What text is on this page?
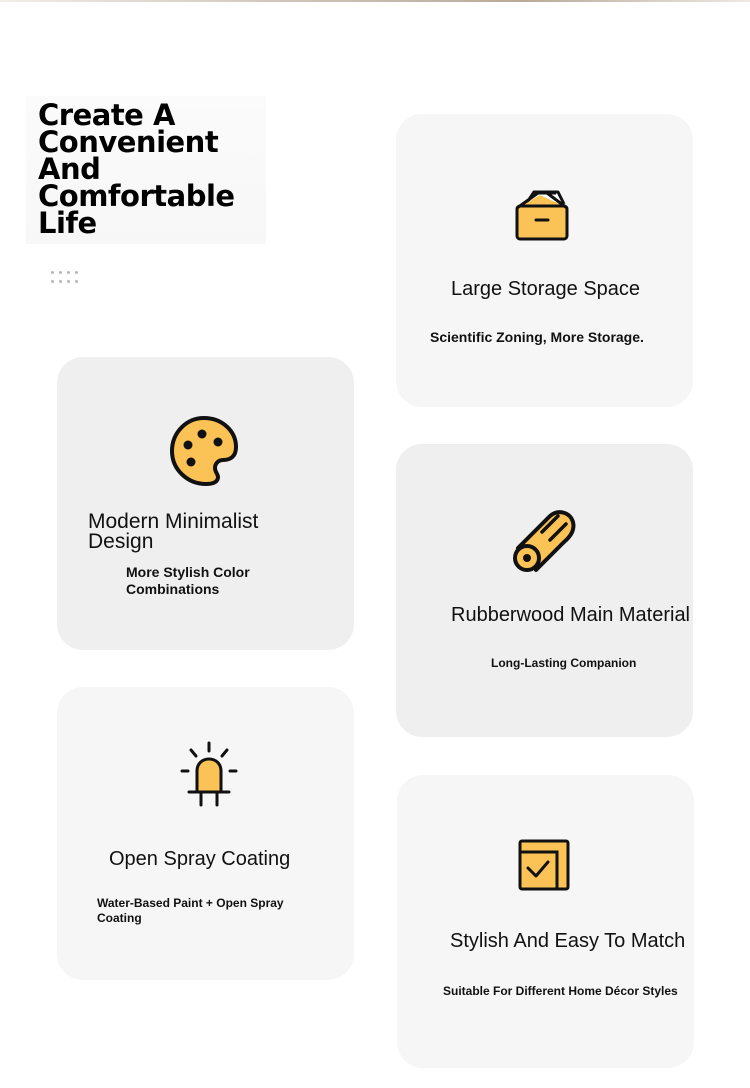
Create A Convenient And Comfortable Life
Large Storage Space
Scientific Zoning, More Storage.
Modern Minimalist Design
More Stylish Color Combinations
Rubberwood Main Material
Long-Lasting Companion
Open Spray Coating
Water-Based Paint + Open Spray Coating
Stylish And Easy To Match
Suitable For Different Home Décor Styles
